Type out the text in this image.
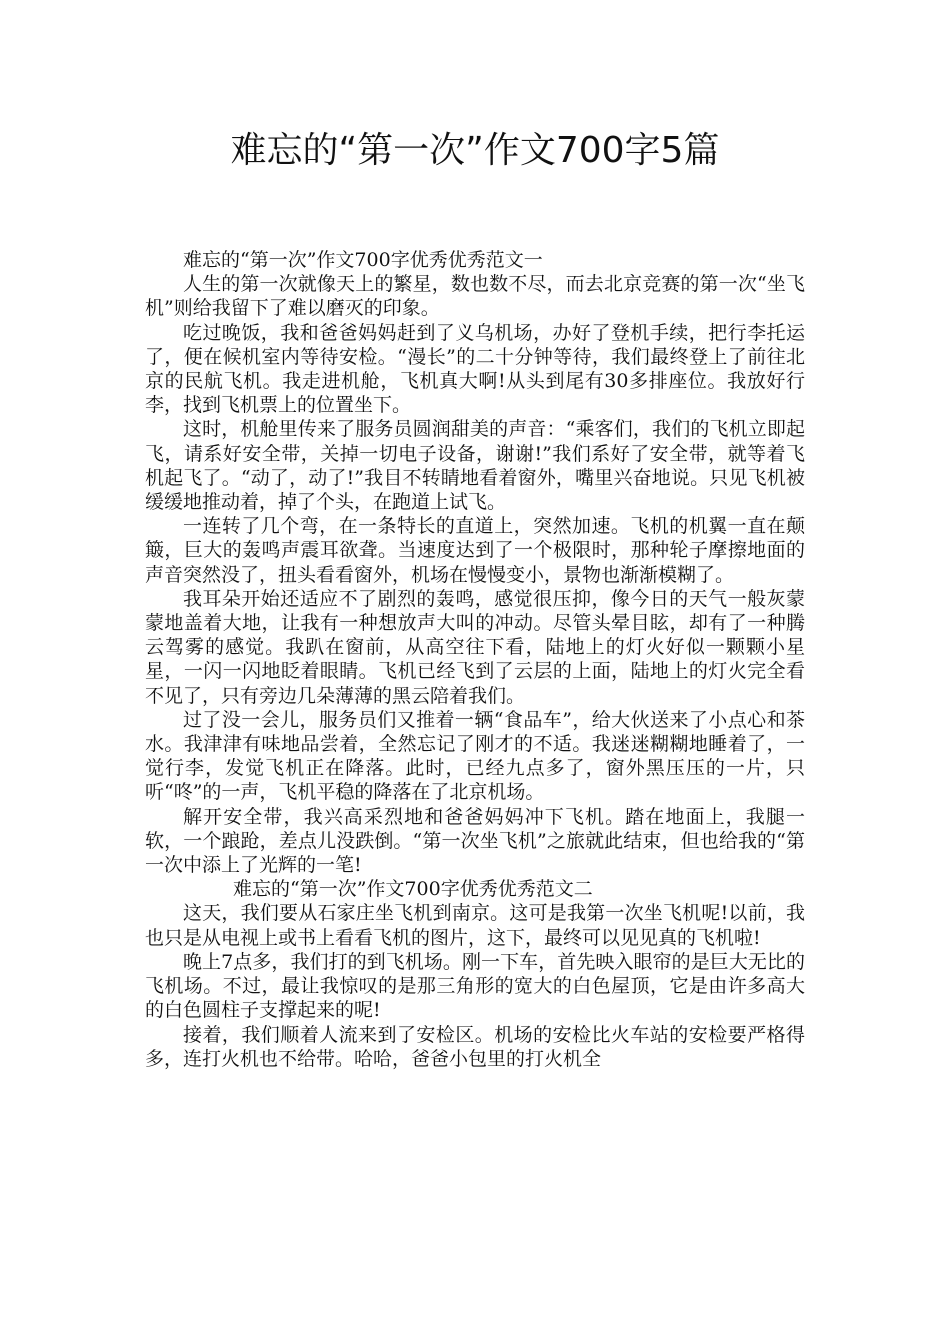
难忘的“第一次”作文700字5篇

难忘的“第一次”作文700字优秀优秀范文一

人生的第一次就像天上的繁星，数也数不尽，而去北京竞赛的第一次“坐飞机”则给我留下了难以磨灭的印象。

吃过晚饭，我和爸爸妈妈赶到了义乌机场，办好了登机手续，把行李托运了，便在候机室内等待安检。“漫长”的二十分钟等待，我们最终登上了前往北京的民航飞机。我走进机舱，飞机真大啊!从头到尾有30多排座位。我放好行李，找到飞机票上的位置坐下。

这时，机舱里传来了服务员圆润甜美的声音：“乘客们，我们的飞机立即起飞，请系好安全带，关掉一切电子设备，谢谢!”我们系好了安全带，就等着飞机起飞了。“动了，动了!”我目不转睛地看着窗外，嘴里兴奋地说。只见飞机被缓缓地推动着，掉了个头，在跑道上试飞。

一连转了几个弯，在一条特长的直道上，突然加速。飞机的机翼一直在颠簸，巨大的轰鸣声震耳欲聋。当速度达到了一个极限时，那种轮子摩擦地面的声音突然没了，扭头看看窗外，机场在慢慢变小，景物也渐渐模糊了。

我耳朵开始还适应不了剧烈的轰鸣，感觉很压抑，像今日的天气一般灰蒙蒙地盖着大地，让我有一种想放声大叫的冲动。尽管头晕目眩，却有了一种腾云驾雾的感觉。我趴在窗前，从高空往下看，陆地上的灯火好似一颗颗小星星，一闪一闪地眨着眼睛。飞机已经飞到了云层的上面，陆地上的灯火完全看不见了，只有旁边几朵薄薄的黑云陪着我们。

过了没一会儿，服务员们又推着一辆“食品车”，给大伙送来了小点心和茶水。我津津有味地品尝着，全然忘记了刚才的不适。我迷迷糊糊地睡着了，一觉行李，发觉飞机正在降落。此时，已经九点多了，窗外黑压压的一片，只听“咚”的一声，飞机平稳的降落在了北京机场。

解开安全带，我兴高采烈地和爸爸妈妈冲下飞机。踏在地面上，我腿一软，一个踉跄，差点儿没跌倒。“第一次坐飞机”之旅就此结束，但也给我的“第一次中添上了光辉的一笔!

难忘的“第一次”作文700字优秀优秀范文二

这天，我们要从石家庄坐飞机到南京。这可是我第一次坐飞机呢!以前，我也只是从电视上或书上看看飞机的图片，这下，最终可以见见真的飞机啦!

晚上7点多，我们打的到飞机场。刚一下车，首先映入眼帘的是巨大无比的飞机场。不过，最让我惊叹的是那三角形的宽大的白色屋顶，它是由许多高大的白色圆柱子支撑起来的呢!

接着，我们顺着人流来到了安检区。机场的安检比火车站的安检要严格得多，连打火机也不给带。哈哈，爸爸小包里的打火机全
